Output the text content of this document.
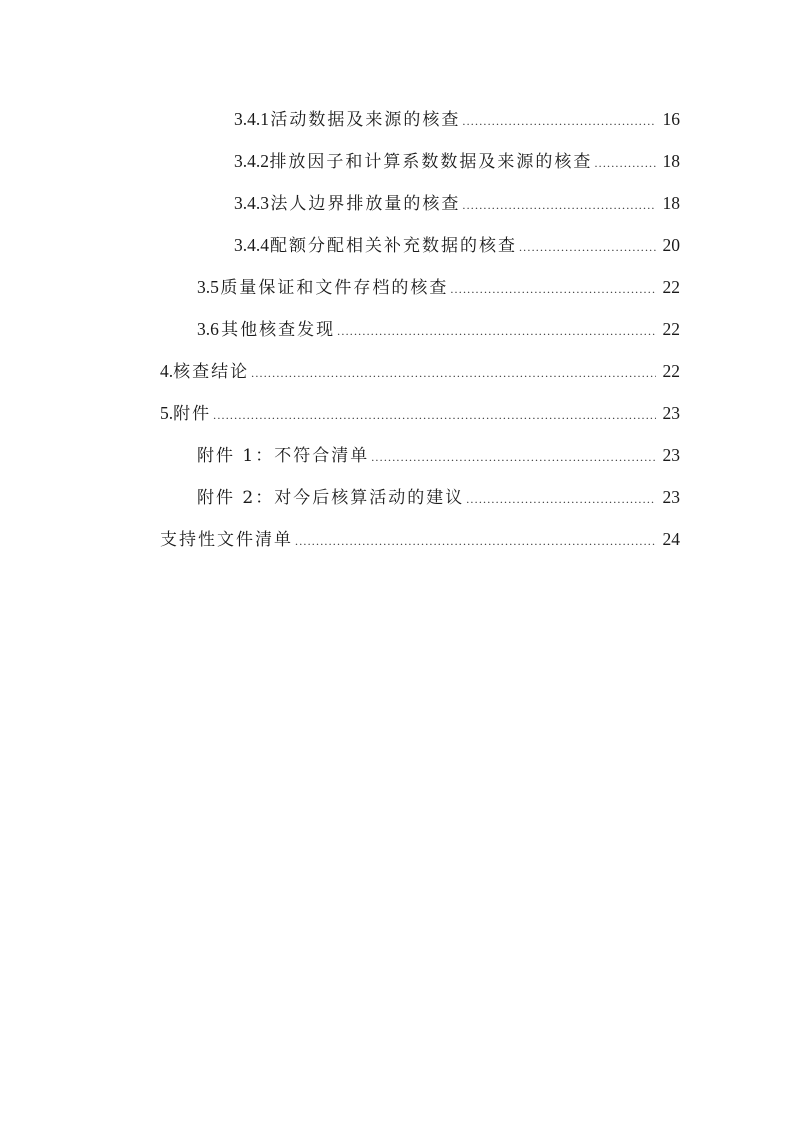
3.4.1 活动数据及来源的核查 .....	16
3.4.2 排放因子和计算系数数据及来源的核查 .....	18
3.4.3 法人边界排放量的核查 .....	18
3.4.4 配额分配相关补充数据的核查 .....	20
3.5 质量保证和文件存档的核查 .....	22
3.6 其他核查发现 .....	22
4. 核查结论 .....	22
5. 附件 .....	23
附件 1：不符合清单 .....	23
附件 2：对今后核算活动的建议 .....	23
支持性文件清单 .....	24
